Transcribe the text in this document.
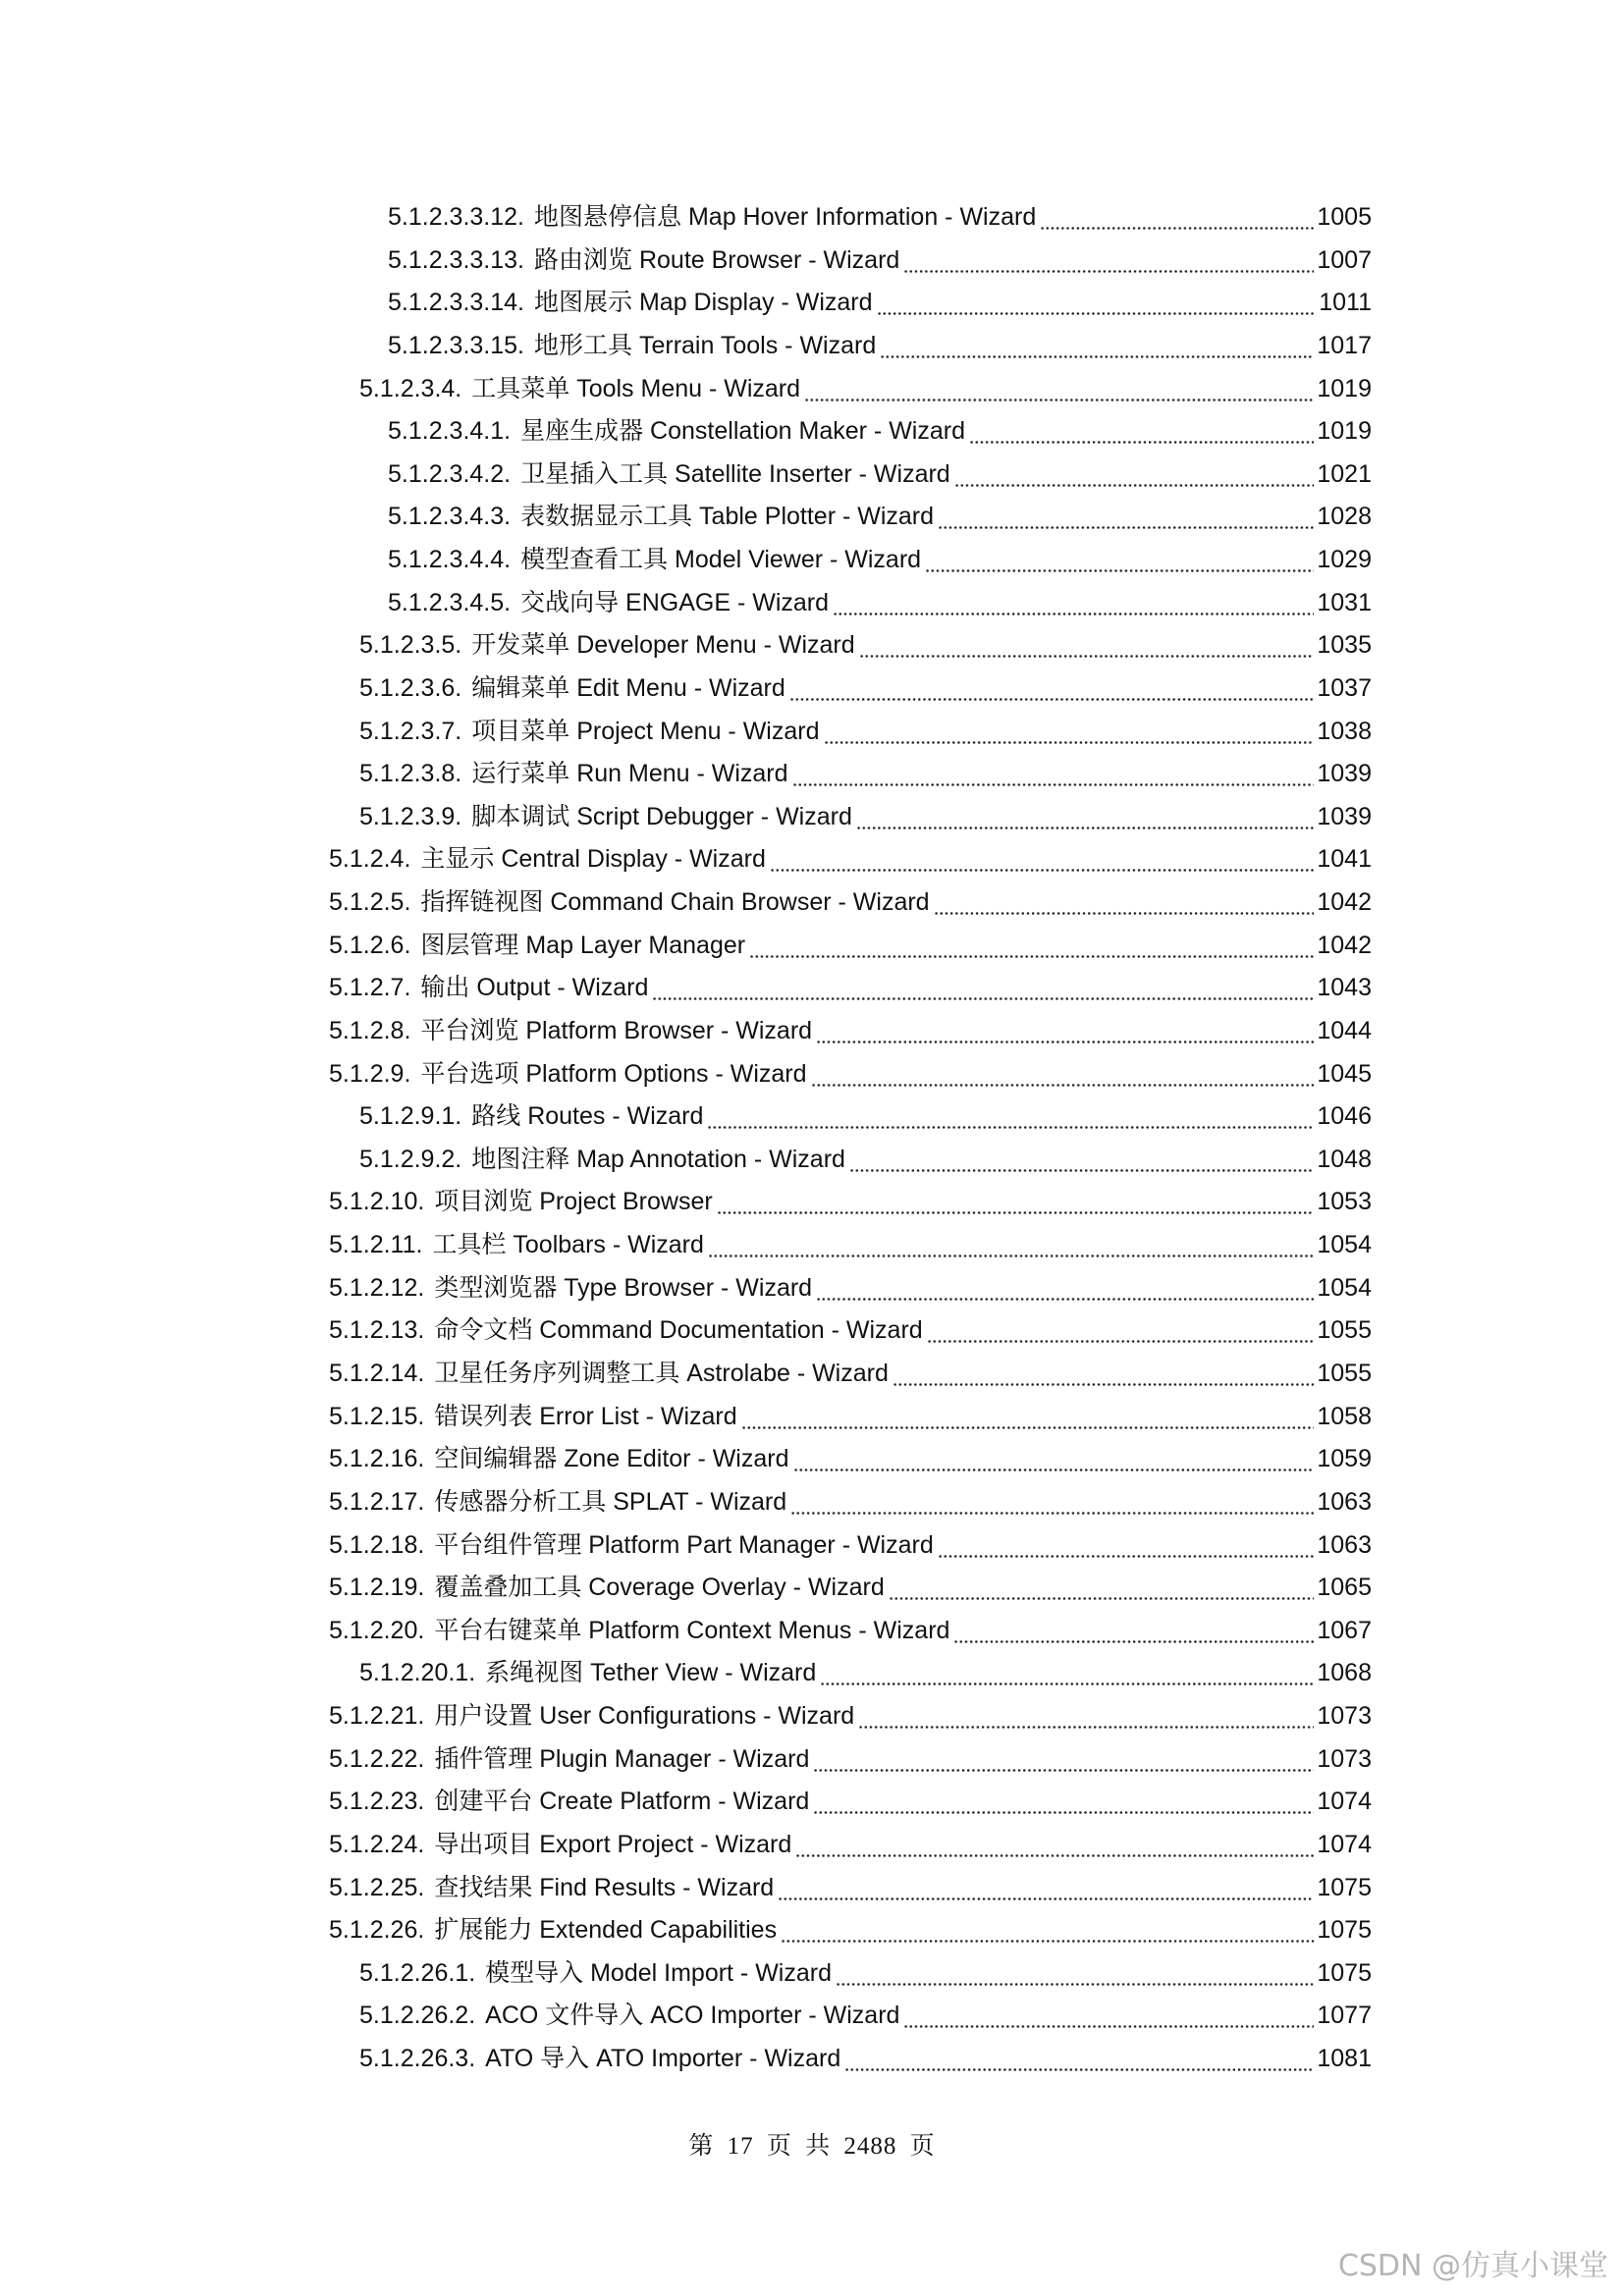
5.1.2.3.3.12. 地图悬停信息 Map Hover Information - Wizard	1005
5.1.2.3.3.13. 路由浏览 Route Browser - Wizard	1007
5.1.2.3.3.14. 地图展示 Map Display - Wizard	1011
5.1.2.3.3.15. 地形工具 Terrain Tools - Wizard	1017
5.1.2.3.4. 工具菜单 Tools Menu - Wizard	1019
5.1.2.3.4.1. 星座生成器 Constellation Maker - Wizard	1019
5.1.2.3.4.2. 卫星插入工具 Satellite Inserter - Wizard	1021
5.1.2.3.4.3. 表数据显示工具 Table Plotter - Wizard	1028
5.1.2.3.4.4. 模型查看工具 Model Viewer - Wizard	1029
5.1.2.3.4.5. 交战向导 ENGAGE - Wizard	1031
5.1.2.3.5. 开发菜单 Developer Menu - Wizard	1035
5.1.2.3.6. 编辑菜单 Edit Menu - Wizard	1037
5.1.2.3.7. 项目菜单 Project Menu - Wizard	1038
5.1.2.3.8. 运行菜单 Run Menu - Wizard	1039
5.1.2.3.9. 脚本调试 Script Debugger - Wizard	1039
5.1.2.4. 主显示 Central Display - Wizard	1041
5.1.2.5. 指挥链视图 Command Chain Browser - Wizard	1042
5.1.2.6. 图层管理 Map Layer Manager	1042
5.1.2.7. 输出 Output - Wizard	1043
5.1.2.8. 平台浏览 Platform Browser - Wizard	1044
5.1.2.9. 平台选项 Platform Options - Wizard	1045
5.1.2.9.1. 路线 Routes - Wizard	1046
5.1.2.9.2. 地图注释 Map Annotation - Wizard	1048
5.1.2.10. 项目浏览 Project Browser	1053
5.1.2.11. 工具栏 Toolbars - Wizard	1054
5.1.2.12. 类型浏览器 Type Browser - Wizard	1054
5.1.2.13. 命令文档 Command Documentation - Wizard	1055
5.1.2.14. 卫星任务序列调整工具 Astrolabe - Wizard	1055
5.1.2.15. 错误列表 Error List - Wizard	1058
5.1.2.16. 空间编辑器 Zone Editor - Wizard	1059
5.1.2.17. 传感器分析工具 SPLAT - Wizard	1063
5.1.2.18. 平台组件管理 Platform Part Manager - Wizard	1063
5.1.2.19. 覆盖叠加工具 Coverage Overlay - Wizard	1065
5.1.2.20. 平台右键菜单 Platform Context Menus - Wizard	1067
5.1.2.20.1. 系绳视图 Tether View - Wizard	1068
5.1.2.21. 用户设置 User Configurations - Wizard	1073
5.1.2.22. 插件管理 Plugin Manager - Wizard	1073
5.1.2.23. 创建平台 Create Platform - Wizard	1074
5.1.2.24. 导出项目 Export Project - Wizard	1074
5.1.2.25. 查找结果 Find Results - Wizard	1075
5.1.2.26. 扩展能力 Extended Capabilities	1075
5.1.2.26.1. 模型导入 Model Import - Wizard	1075
5.1.2.26.2. ACO 文件导入 ACO Importer - Wizard	1077
5.1.2.26.3. ATO 导入 ATO Importer - Wizard	1081
第 17 页 共 2488 页
CSDN @仿真小课堂
